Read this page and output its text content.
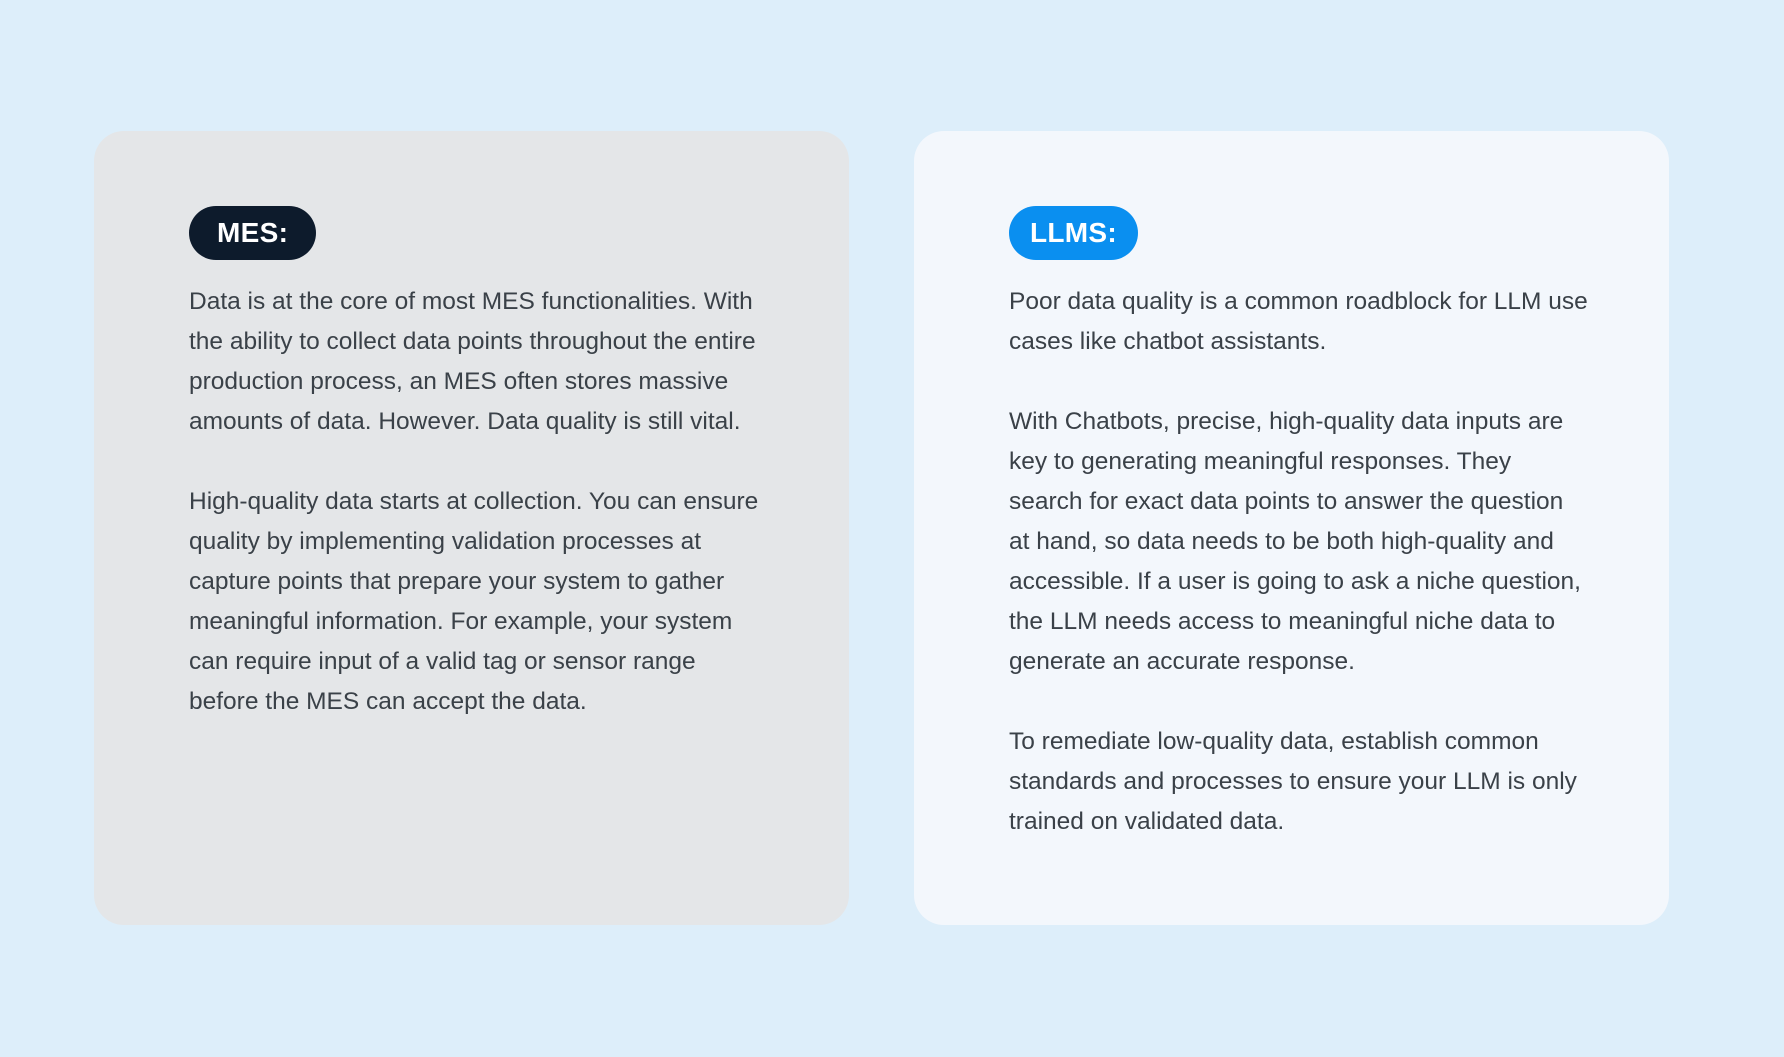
MES:

Data is at the core of most MES functionalities. With the ability to collect data points throughout the entire production process, an MES often stores massive amounts of data. However. Data quality is still vital.

High-quality data starts at collection. You can ensure quality by implementing validation processes at capture points that prepare your system to gather meaningful information. For example, your system can require input of a valid tag or sensor range before the MES can accept the data.

LLMS:

Poor data quality is a common roadblock for LLM use cases like chatbot assistants.

With Chatbots, precise, high-quality data inputs are key to generating meaningful responses. They search for exact data points to answer the question at hand, so data needs to be both high-quality and accessible. If a user is going to ask a niche question, the LLM needs access to meaningful niche data to generate an accurate response.

To remediate low-quality data, establish common standards and processes to ensure your LLM is only trained on validated data.
